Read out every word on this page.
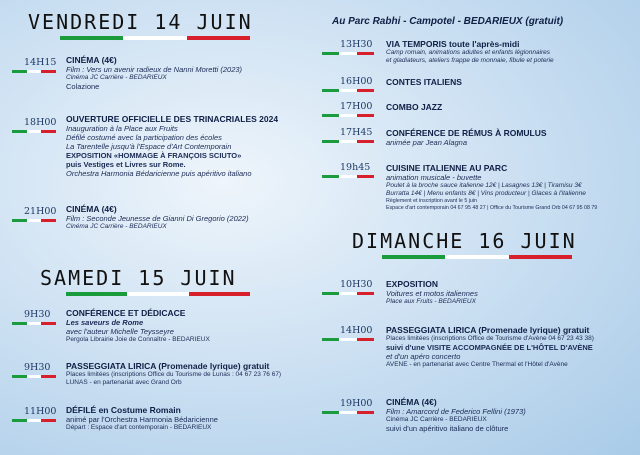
VENDREDI 14 JUIN
14H15 CINÉMA (4€)
Film : Vers un avenir radieux de Nanni Moretti (2023)
Cinéma JC Carrière - BEDARIEUX
Colazione
18H00 OUVERTURE OFFICIELLE DES TRINACRIALES 2024
Inauguration à la Place aux Fruits
Défilé costumé avec la participation des écoles
La Tarentelle jusqu'à l'Espace d'Art Contemporain
EXPOSITION «HOMMAGE À FRANÇOIS SCIUTO»
puis Vestiges et Livres sur Rome.
Orchestra Harmonia Bédaricienne puis apéritivo italiano
21H00 CINÉMA (4€)
Film : Seconde Jeunesse de Gianni Di Gregorio (2022)
Cinéma JC Carrière - BEDARIEUX
SAMEDI 15 JUIN
9H30 CONFÉRENCE ET DÉDICACE
Les saveurs de Rome
avec l'auteur Michelle Teysseyre
Pergola Librairie Joie de Connaître - BEDARIEUX
9H30 PASSEGGIATA LIRICA (Promenade lyrique) gratuit
Places limitées (inscriptions Office du Tourisme de Lunas : 04 67 23 76 67)
LUNAS - en partenariat avec Grand Orb
11H00 DÉFILÉ en Costume Romain
animé par l'Orchestra Harmonia Bédaricienne
Départ : Espace d'art contemporain - BEDARIEUX
Au Parc Rabhi - Campotel - BEDARIEUX (gratuit)
13H30 VIA TEMPORIS toute l'après-midi
Camp romain, animations adultes et enfants légionnaires
et gladiateurs, ateliers frappe de monnaie, fibule et poterie
16H00 CONTES ITALIENS
17H00 COMBO JAZZ
17H45 CONFÉRENCE DE RÉMUS À ROMULUS
animée par Jean Alagna
19h45 CUISINE ITALIENNE AU PARC
animation musicale - buvette
Poulet à la broche sauce italienne 12€ | Lasagnes 13€ | Tiramisu 3€
Burratta 14€ | Menu enfants 8€ | Vins producteur | Glaces à l'italienne
Règlement et inscription avant le 5 juin
Espace d'art contemporain 04 67 95 48 27 | Office du Tourisme Grand Orb 04 67 95 08 79
DIMANCHE 16 JUIN
10H30 EXPOSITION
Voitures et motos italiennes
Place aux Fruits - BEDARIEUX
14H00 PASSEGGIATA LIRICA (Promenade lyrique) gratuit
Places limitées (inscriptions Office de Tourisme d'Avène 04 67 23 43 38)
suivi d'une VISITE ACCOMPAGNÉE DE L'HÔTEL D'AVÈNE
et d'un apéro concerto
AVENE - en partenariat avec Centre Thermal et l'Hôtel d'Avène
19H00 CINÉMA (4€)
Film : Amarcord de Federico Fellini (1973)
Cinéma JC Carrière - BEDARIEUX
suivi d'un apéritivo italiano de clôture
